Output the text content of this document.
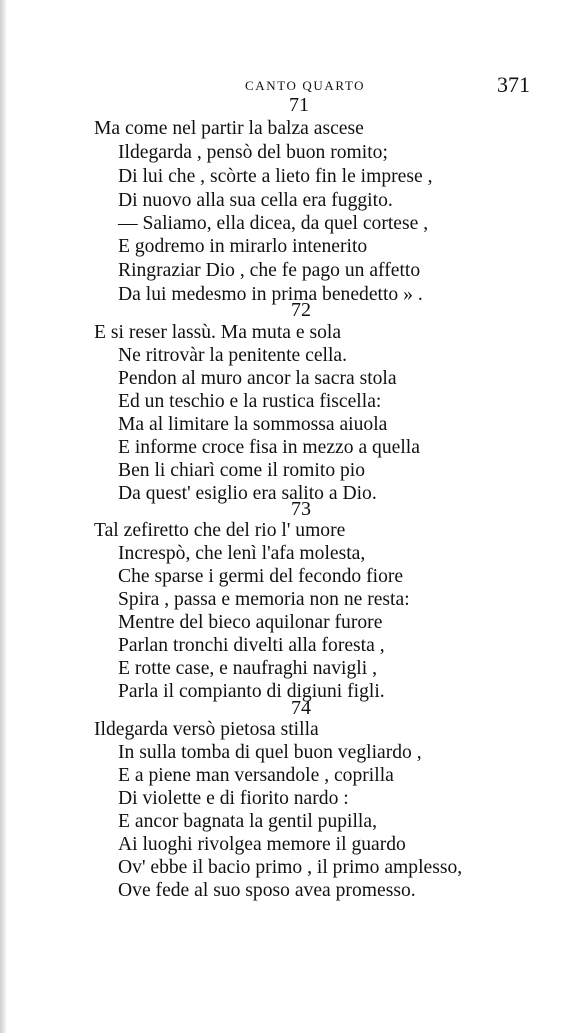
CANTO QUARTO	371
71
Ma come nel partir la balza ascese
Ildegarda , pensò del buon romito;
Di lui che , scòrte a lieto fin le imprese ,
Di nuovo alla sua cella era fuggito.
— Saliamo, ella dicea, da quel cortese ,
E godremo in mirarlo intenerito
Ringraziar Dio , che fe pago un affetto
Da lui medesmo in prima benedetto » .
72
E si reser lassù. Ma muta e sola
Ne ritrovàr la penitente cella.
Pendon al muro ancor la sacra stola
Ed un teschio e la rustica fiscella:
Ma al limitare la sommossa aiuola
E informe croce fisa in mezzo a quella
Ben li chiarì come il romito pio
Da quest' esiglio era salito a Dio.
73
Tal zefiretto che del rio l' umore
Increspò, che lenì l'afa molesta,
Che sparse i germi del fecondo fiore
Spira , passa e memoria non ne resta:
Mentre del bieco aquilonar furore
Parlan tronchi divelti alla foresta ,
E rotte case, e naufraghi navigli ,
Parla il compianto di digiuni figli.
74
Ildegarda versò pietosa stilla
In sulla tomba di quel buon vegliardo ,
E a piene man versandole , coprilla
Di violette e di fiorito nardo :
E ancor bagnata la gentil pupilla,
Ai luoghi rivolgea memore il guardo
Ov' ebbe il bacio primo , il primo amplesso,
Ove fede al suo sposo avea promesso.
